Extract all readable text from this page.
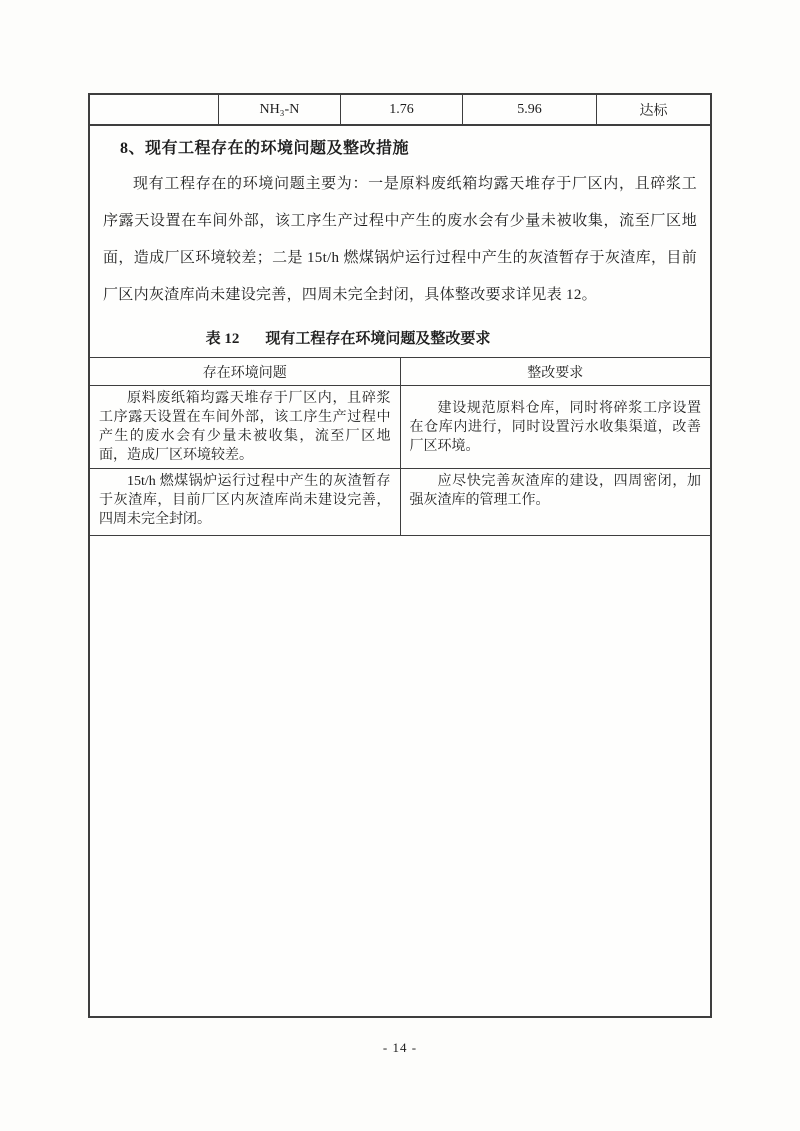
	NH₃-N	1.76	5.96	达标
8、现有工程存在的环境问题及整改措施

现有工程存在的环境问题主要为：一是原料废纸箱均露天堆存于厂区内，且碎浆工序露天设置在车间外部，该工序生产过程中产生的废水会有少量未被收集，流至厂区地面，造成厂区环境较差；二是 15t/h 燃煤锅炉运行过程中产生的灰渣暂存于灰渣库，目前厂区内灰渣库尚未建设完善，四周未完全封闭，具体整改要求详见表 12。

表 12 现有工程存在环境问题及整改要求
存在环境问题	整改要求
原料废纸箱均露天堆存于厂区内，且碎浆工序露天设置在车间外部，该工序生产过程中产生的废水会有少量未被收集，流至厂区地面，造成厂区环境较差。	建设规范原料仓库，同时将碎浆工序设置在仓库内进行，同时设置污水收集渠道，改善厂区环境。
15t/h 燃煤锅炉运行过程中产生的灰渣暂存于灰渣库，目前厂区内灰渣库尚未建设完善，四周未完全封闭。	应尽快完善灰渣库的建设，四周密闭，加强灰渣库的管理工作。
- 14 -
